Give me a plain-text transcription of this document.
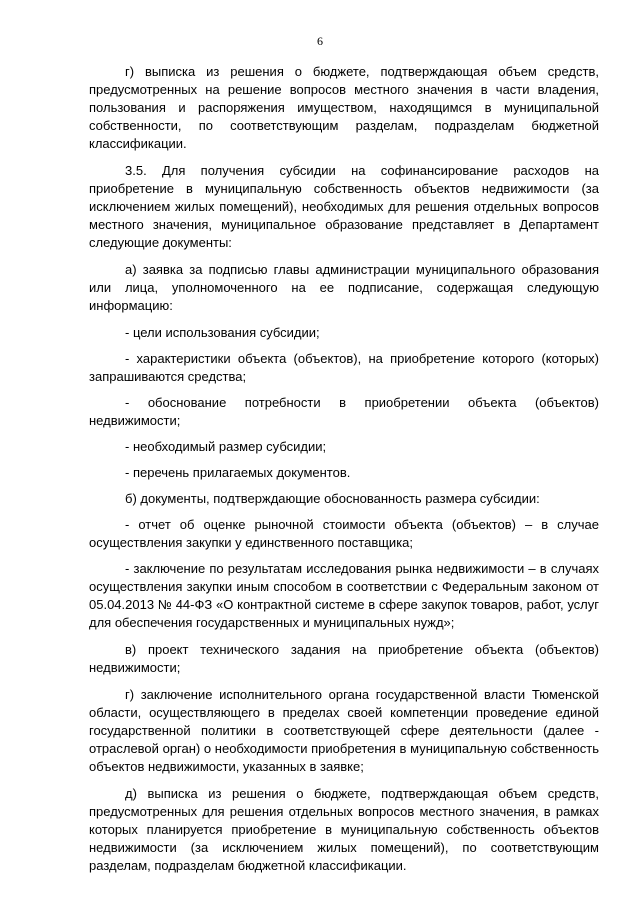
6

г) выписка из решения о бюджете, подтверждающая объем средств, предусмотренных на решение вопросов местного значения в части владения, пользования и распоряжения имуществом, находящимся в муниципальной собственности, по соответствующим разделам, подразделам бюджетной классификации.

3.5. Для получения субсидии на софинансирование расходов на приобретение в муниципальную собственность объектов недвижимости (за исключением жилых помещений), необходимых для решения отдельных вопросов местного значения, муниципальное образование представляет в Департамент следующие документы:

а) заявка за подписью главы администрации муниципального образования или лица, уполномоченного на ее подписание, содержащая следующую информацию:

- цели использования субсидии;

- характеристики объекта (объектов), на приобретение которого (которых) запрашиваются средства;

- обоснование потребности в приобретении объекта (объектов) недвижимости;

- необходимый размер субсидии;

- перечень прилагаемых документов.

б) документы, подтверждающие обоснованность размера субсидии:

- отчет об оценке рыночной стоимости объекта (объектов) – в случае осуществления закупки у единственного поставщика;

- заключение по результатам исследования рынка недвижимости – в случаях осуществления закупки иным способом в соответствии с Федеральным законом от 05.04.2013 № 44-ФЗ «О контрактной системе в сфере закупок товаров, работ, услуг для обеспечения государственных и муниципальных нужд»;

в) проект технического задания на приобретение объекта (объектов) недвижимости;

г) заключение исполнительного органа государственной власти Тюменской области, осуществляющего в пределах своей компетенции проведение единой государственной политики в соответствующей сфере деятельности (далее - отраслевой орган) о необходимости приобретения в муниципальную собственность объектов недвижимости, указанных в заявке;

д) выписка из решения о бюджете, подтверждающая объем средств, предусмотренных для решения отдельных вопросов местного значения, в рамках которых планируется приобретение в муниципальную собственность объектов недвижимости (за исключением жилых помещений), по соответствующим разделам, подразделам бюджетной классификации.
